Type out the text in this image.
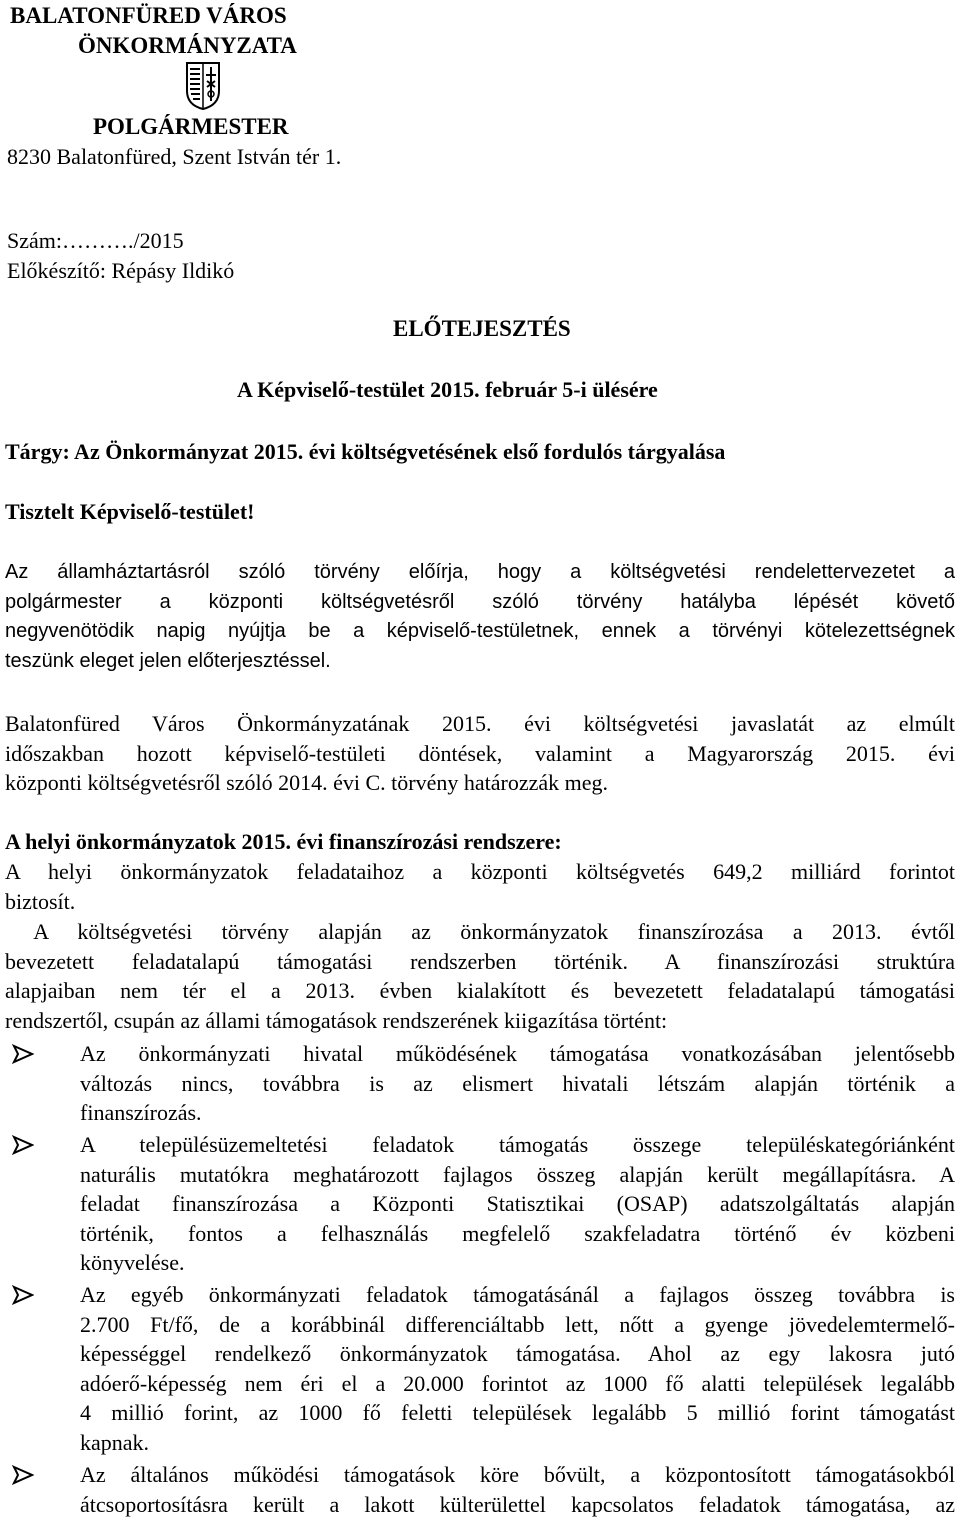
BALATONFÜRED VÁROS
ÖNKORMÁNYZATA
POLGÁRMESTER
8230 Balatonfüred, Szent István tér 1.
Szám:………./2015
Előkészítő: Répásy Ildikó
ELŐTEJESZTÉS
A Képviselő-testület 2015. február 5-i ülésére
Tárgy: Az Önkormányzat 2015. évi költségvetésének első fordulós tárgyalása
Tisztelt Képviselő-testület!
Az államháztartásról szóló törvény előírja, hogy a költségvetési rendelettervezetet a
polgármester a központi költségvetésről szóló törvény hatályba lépését követő
negyvenötödik napig nyújtja be a képviselő-testületnek, ennek a törvényi kötelezettségnek
teszünk eleget jelen előterjesztéssel.
Balatonfüred Város Önkormányzatának 2015. évi költségvetési javaslatát az elmúlt
időszakban hozott képviselő-testületi döntések, valamint a Magyarország 2015. évi
központi költségvetésről szóló 2014. évi C. törvény határozzák meg.
A helyi önkormányzatok 2015. évi finanszírozási rendszere:
A helyi önkormányzatok feladataihoz a központi költségvetés 649,2 milliárd forintot
biztosít.
A költségvetési törvény alapján az önkormányzatok finanszírozása a 2013. évtől
bevezetett feladatalapú támogatási rendszerben történik. A finanszírozási struktúra
alapjaiban nem tér el a 2013. évben kialakított és bevezetett feladatalapú támogatási
rendszertől, csupán az állami támogatások rendszerének kiigazítása történt:
Az önkormányzati hivatal működésének támogatása vonatkozásában jelentősebb
változás nincs, továbbra is az elismert hivatali létszám alapján történik a
finanszírozás.
A településüzemeltetési feladatok támogatás összege településkategóriánként
naturális mutatókra meghatározott fajlagos összeg alapján került megállapításra. A
feladat finanszírozása a Központi Statisztikai (OSAP) adatszolgáltatás alapján
történik, fontos a felhasználás megfelelő szakfeladatra történő év közbeni
könyvelése.
Az egyéb önkormányzati feladatok támogatásánál a fajlagos összeg továbbra is
2.700 Ft/fő, de a korábbinál differenciáltabb lett, nőtt a gyenge jövedelemtermelő-
képességgel rendelkező önkormányzatok támogatása. Ahol az egy lakosra jutó
adóerő-képesség nem éri el a 20.000 forintot az 1000 fő alatti települések legalább
4 millió forint, az 1000 fő feletti települések legalább 5 millió forint támogatást
kapnak.
Az általános működési támogatások köre bővült, a központosított támogatásokból
átcsoportosításra került a lakott külterülettel kapcsolatos feladatok támogatása, az
